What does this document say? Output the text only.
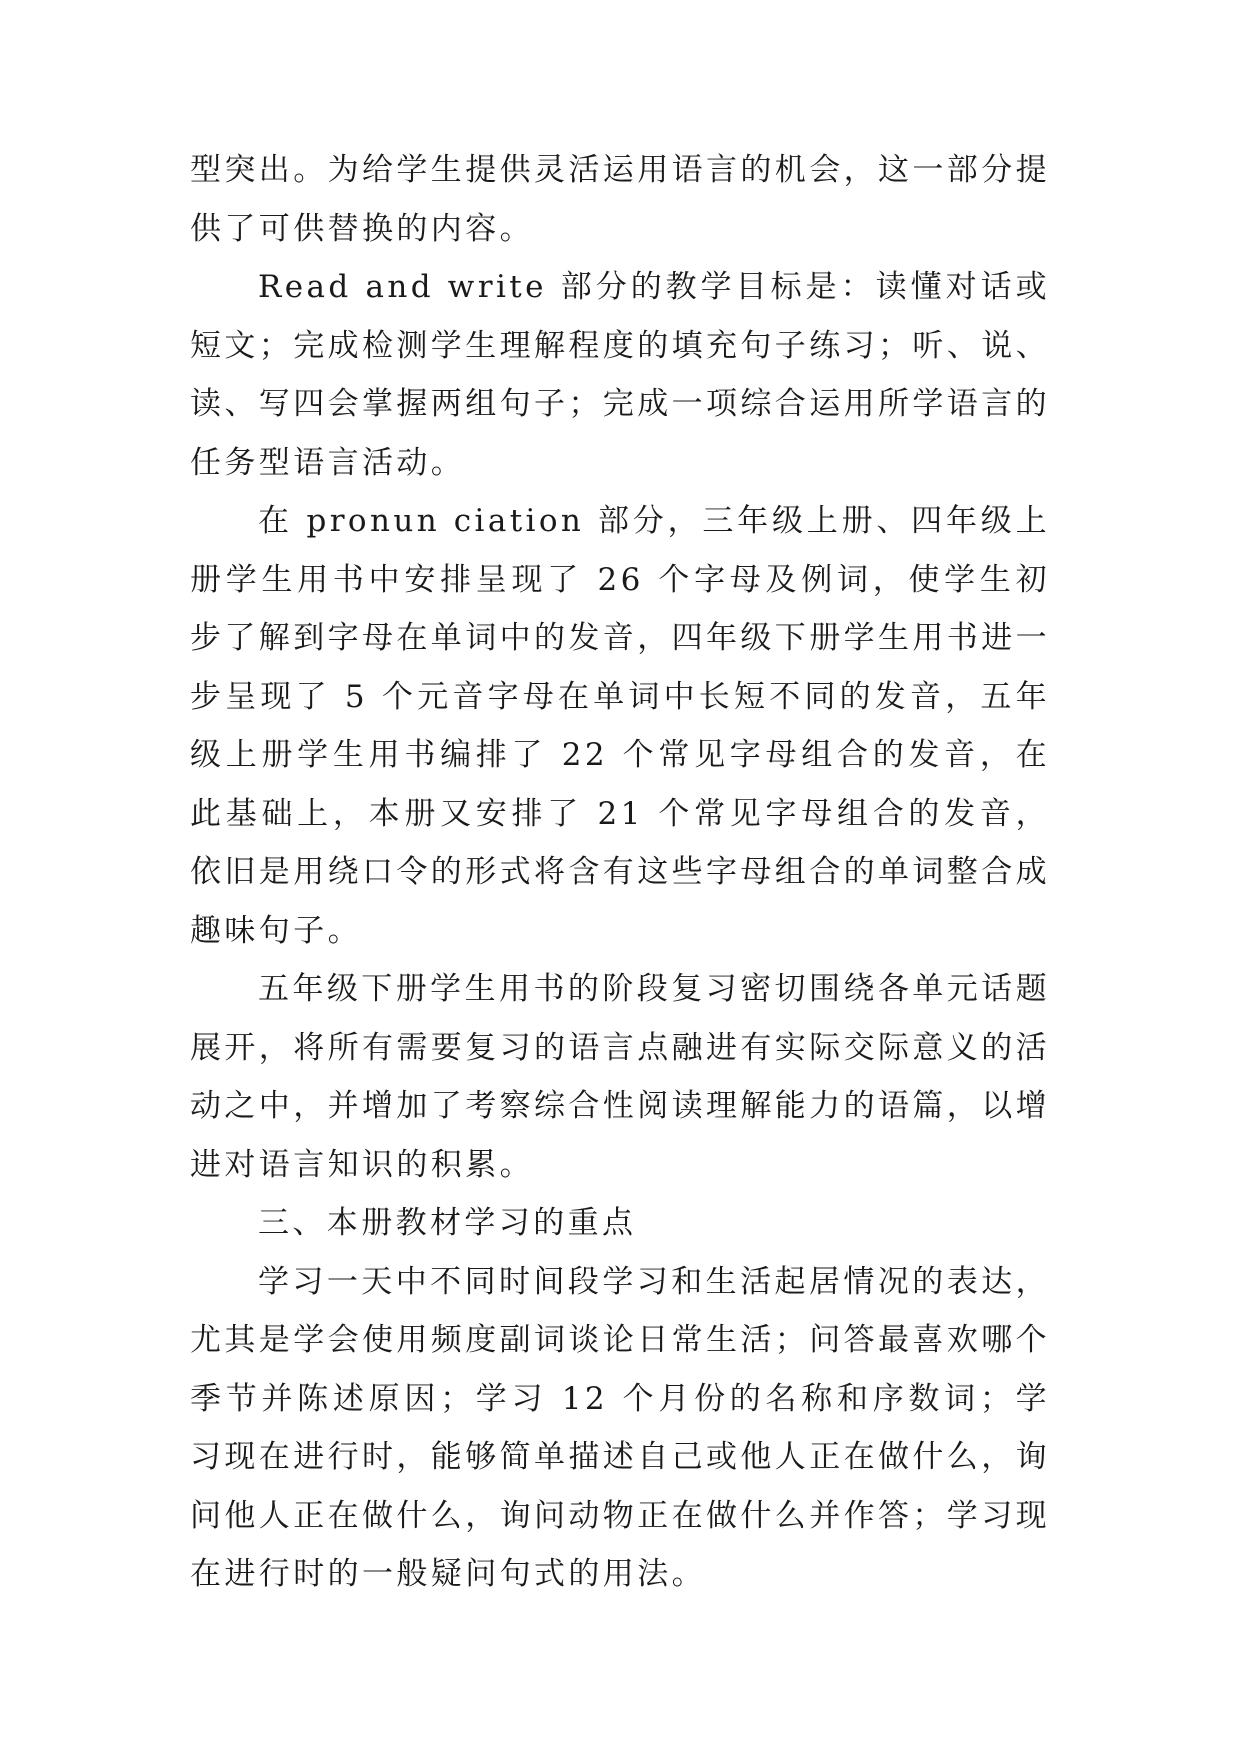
型突出。为给学生提供灵活运用语言的机会，这一部分提供了可供替换的内容。

Read and write 部分的教学目标是：读懂对话或短文；完成检测学生理解程度的填充句子练习；听、说、读、写四会掌握两组句子；完成一项综合运用所学语言的任务型语言活动。

在 pronun ciation 部分，三年级上册、四年级上册学生用书中安排呈现了 26 个字母及例词，使学生初步了解到字母在单词中的发音，四年级下册学生用书进一步呈现了 5 个元音字母在单词中长短不同的发音，五年级上册学生用书编排了 22 个常见字母组合的发音，在此基础上，本册又安排了 21 个常见字母组合的发音，依旧是用绕口令的形式将含有这些字母组合的单词整合成趣味句子。

五年级下册学生用书的阶段复习密切围绕各单元话题展开，将所有需要复习的语言点融进有实际交际意义的活动之中，并增加了考察综合性阅读理解能力的语篇，以增进对语言知识的积累。

三、本册教材学习的重点

学习一天中不同时间段学习和生活起居情况的表达，尤其是学会使用频度副词谈论日常生活；问答最喜欢哪个季节并陈述原因；学习 12 个月份的名称和序数词；学习现在进行时，能够简单描述自己或他人正在做什么，询问他人正在做什么，询问动物正在做什么并作答；学习现在进行时的一般疑问句式的用法。
